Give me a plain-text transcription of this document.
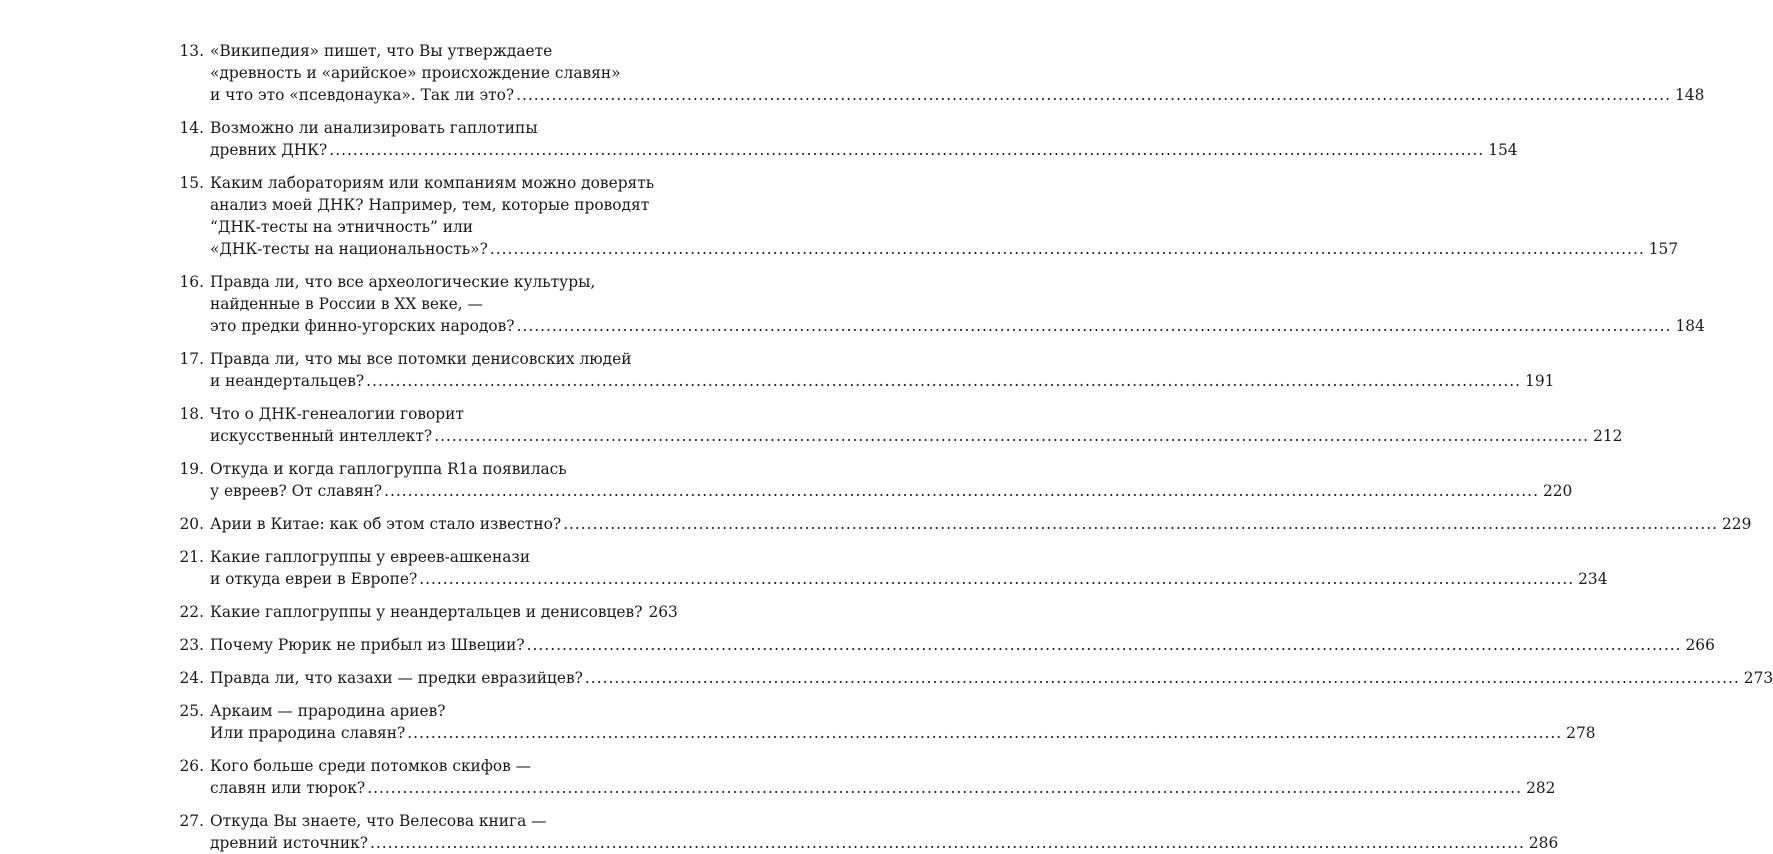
13. «Википедия» пишет, что Вы утверждаете
«древность и «арийское» происхождение славян»
и что это «псевдонаука». Так ли это? .....	148
14. Возможно ли анализировать гаплотипы
древних ДНК? .....	154
15. Каким лабораториям или компаниям можно доверять
анализ моей ДНК? Например, тем, которые проводят
“ДНК-тесты на этничность” или
«ДНК-тесты на национальность»? .....	157
16. Правда ли, что все археологические культуры,
найденные в России в XX веке, —
это предки финно-угорских народов? .....	184
17. Правда ли, что мы все потомки денисовских людей
и неандертальцев? .....	191
18. Что о ДНК-генеалогии говорит
искусственный интеллект? .....	212
19. Откуда и когда гаплогруппа R1a появилась
у евреев? От славян? .....	220
20. Арии в Китае: как об этом стало известно? .....	229
21. Какие гаплогруппы у евреев-ашкенази
и откуда евреи в Европе? .....	234
22. Какие гаплогруппы у неандертальцев и денисовцев? 263
23. Почему Рюрик не прибыл из Швеции? .....	266
24. Правда ли, что казахи — предки евразийцев? .....	273
25. Аркаим — прародина ариев?
Или прародина славян? .....	278
26. Кого больше среди потомков скифов —
славян или тюрок? .....	282
27. Откуда Вы знаете, что Велесова книга —
древний источник? .....	286
